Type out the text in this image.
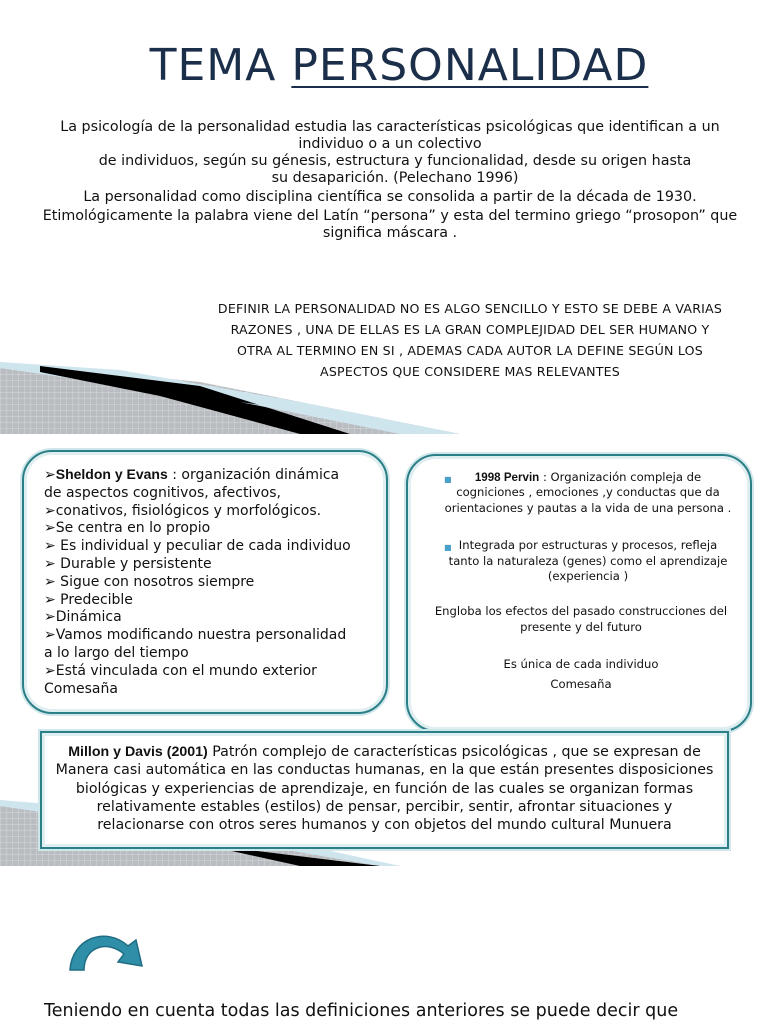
TEMA PERSONALIDAD

La psicología de la personalidad estudia las características psicológicas que identifican a un individuo o a un colectivo

de individuos, según su génesis, estructura y funcionalidad, desde su origen hasta su desaparición. (Pelechano 1996)

La personalidad como disciplina científica se consolida a partir de la década de 1930.

Etimológicamente la palabra viene del Latín “persona” y esta del termino griego “prosopon” que significa máscara .

DEFINIR LA PERSONALIDAD NO ES ALGO SENCILLO Y ESTO SE DEBE A VARIAS
RAZONES , UNA DE ELLAS ES LA GRAN COMPLEJIDAD DEL SER HUMANO Y
OTRA AL TERMINO EN SI , ADEMAS CADA AUTOR LA DEFINE SEGÚN LOS
ASPECTOS QUE CONSIDERE MAS RELEVANTES
➢Sheldon y Evans : organización dinámica
de aspectos cognitivos, afectivos,
➢conativos, fisiológicos y morfológicos.
➢Se centra en lo propio
➢ Es individual y peculiar de cada individuo
➢ Durable y persistente
➢ Sigue con nosotros siempre
➢ Predecible
➢Dinámica
➢Vamos modificando nuestra personalidad
a lo largo del tiempo
➢Está vinculada con el mundo exterior
Comesaña
■	1998 Pervin : Organización compleja de cogniciones , emociones ,y conductas que da orientaciones y pautas a la vida de una persona .
■ Integrada por estructuras y procesos, refleja tanto la naturaleza (genes) como el aprendizaje (experiencia )
Engloba los efectos del pasado construcciones del presente y del futuro
Es única de cada individuo
Comesaña
Millon y Davis (2001) Patrón complejo de características psicológicas , que se expresan de
Manera casi automática en las conductas humanas, en la que están presentes disposiciones
biológicas y experiencias de aprendizaje, en función de las cuales se organizan formas
relativamente estables (estilos) de pensar, percibir, sentir, afrontar situaciones y
relacionarse con otros seres humanos y con objetos del mundo cultural Munuera
Teniendo en cuenta todas las definiciones anteriores se puede decir que
